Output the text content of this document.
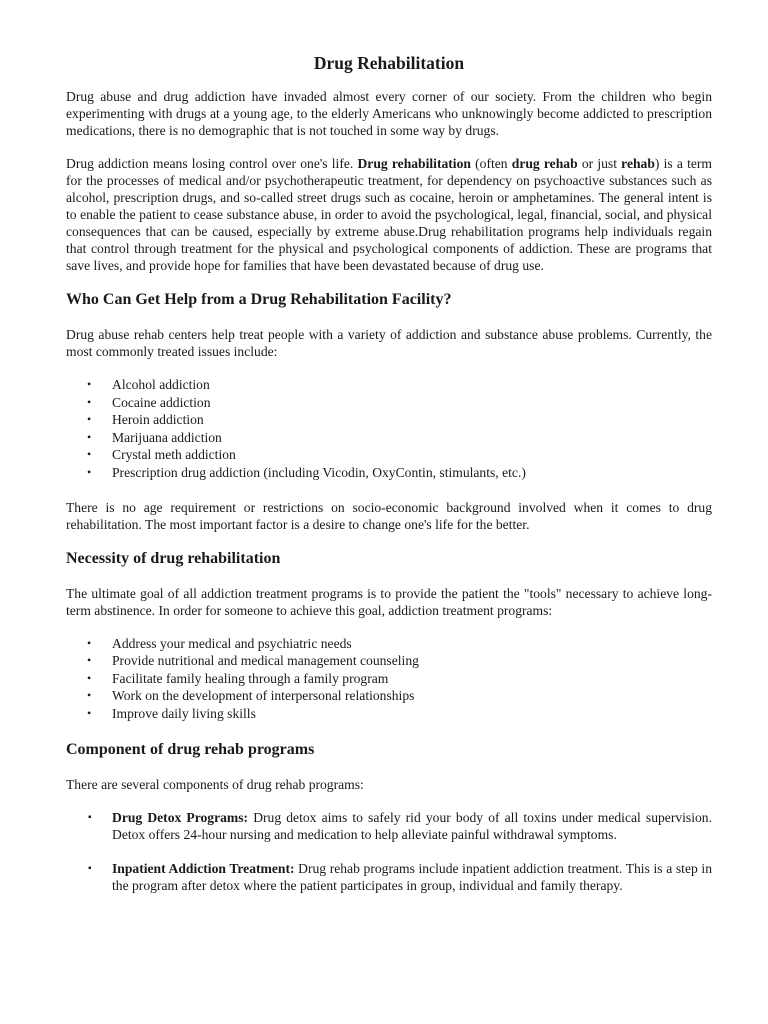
Drug Rehabilitation

Drug abuse and drug addiction have invaded almost every corner of our society. From the children who begin experimenting with drugs at a young age, to the elderly Americans who unknowingly become addicted to prescription medications, there is no demographic that is not touched in some way by drugs.

Drug addiction means losing control over one's life. Drug rehabilitation (often drug rehab or just rehab) is a term for the processes of medical and/or psychotherapeutic treatment, for dependency on psychoactive substances such as alcohol, prescription drugs, and so-called street drugs such as cocaine, heroin or amphetamines. The general intent is to enable the patient to cease substance abuse, in order to avoid the psychological, legal, financial, social, and physical consequences that can be caused, especially by extreme abuse.Drug rehabilitation programs help individuals regain that control through treatment for the physical and psychological components of addiction. These are programs that save lives, and provide hope for families that have been devastated because of drug use.

Who Can Get Help from a Drug Rehabilitation Facility?

Drug abuse rehab centers help treat people with a variety of addiction and substance abuse problems. Currently, the most commonly treated issues include:

• Alcohol addiction
• Cocaine addiction
• Heroin addiction
• Marijuana addiction
• Crystal meth addiction
• Prescription drug addiction (including Vicodin, OxyContin, stimulants, etc.)

There is no age requirement or restrictions on socio-economic background involved when it comes to drug rehabilitation. The most important factor is a desire to change one's life for the better.

Necessity of drug rehabilitation

The ultimate goal of all addiction treatment programs is to provide the patient the "tools" necessary to achieve long-term abstinence. In order for someone to achieve this goal, addiction treatment programs:

• Address your medical and psychiatric needs
• Provide nutritional and medical management counseling
• Facilitate family healing through a family program
• Work on the development of interpersonal relationships
• Improve daily living skills
Component of drug rehab programs

There are several components of drug rehab programs:

▪ Drug Detox Programs: Drug detox aims to safely rid your body of all toxins under medical supervision. Detox offers 24-hour nursing and medication to help alleviate painful withdrawal symptoms.
▪ Inpatient Addiction Treatment: Drug rehab programs include inpatient addiction treatment. This is a step in the program after detox where the patient participates in group, individual and family therapy.
